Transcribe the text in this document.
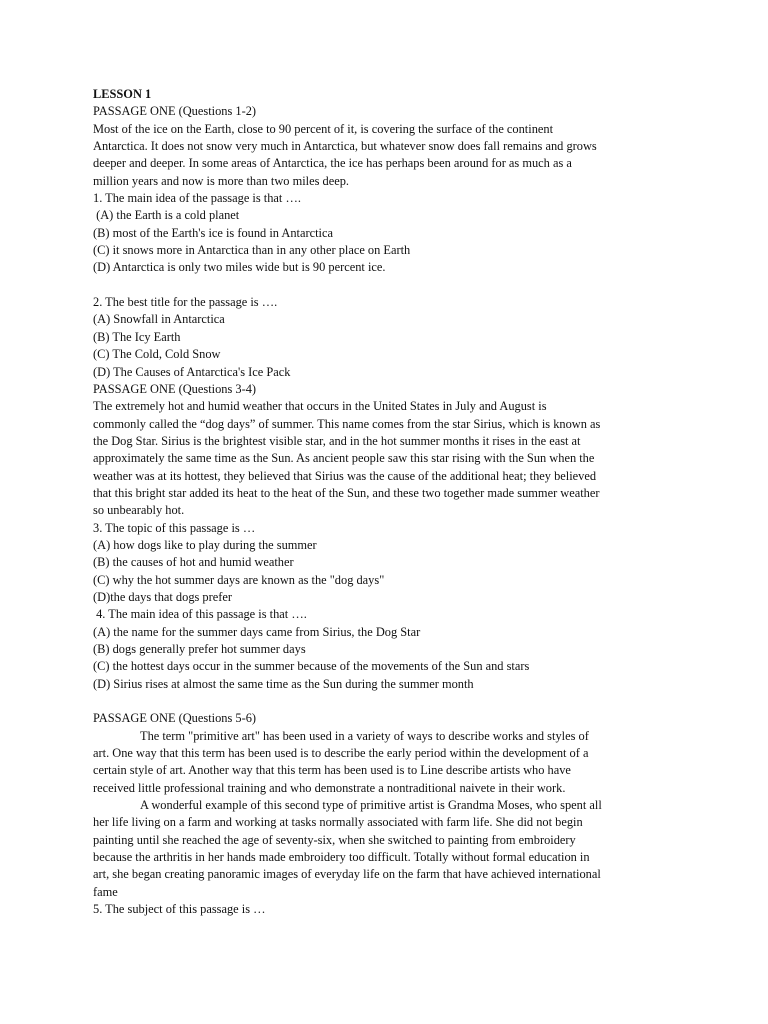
LESSON 1
PASSAGE ONE (Questions 1-2)
Most of the ice on the Earth, close to 90 percent of it, is covering the surface of the continent
Antarctica. It does not snow very much in Antarctica, but whatever snow does fall remains and grows
deeper and deeper. In some areas of Antarctica, the ice has perhaps been around for as much as a
million years and now is more than two miles deep.
1. The main idea of the passage is that ….
(A) the Earth is a cold planet
(B) most of the Earth's ice is found in Antarctica
(C) it snows more in Antarctica than in any other place on Earth
(D) Antarctica is only two miles wide but is 90 percent ice.
2. The best title for the passage is ….
(A) Snowfall in Antarctica
(B) The Icy Earth
(C) The Cold, Cold Snow
(D) The Causes of Antarctica's Ice Pack
PASSAGE ONE (Questions 3-4)
The extremely hot and humid weather that occurs in the United States in July and August is
commonly called the “dog days” of summer. This name comes from the star Sirius, which is known as
the Dog Star. Sirius is the brightest visible star, and in the hot summer months it rises in the east at
approximately the same time as the Sun. As ancient people saw this star rising with the Sun when the
weather was at its hottest, they believed that Sirius was the cause of the additional heat; they believed
that this bright star added its heat to the heat of the Sun, and these two together made summer weather
so unbearably hot.
3. The topic of this passage is …
(A) how dogs like to play during the summer
(B) the causes of hot and humid weather
(C) why the hot summer days are known as the "dog days"
(D)the days that dogs prefer
4. The main idea of this passage is that ….
(A) the name for the summer days came from Sirius, the Dog Star
(B) dogs generally prefer hot summer days
(C) the hottest days occur in the summer because of the movements of the Sun and stars
(D) Sirius rises at almost the same time as the Sun during the summer month
PASSAGE ONE (Questions 5-6)
The term "primitive art" has been used in a variety of ways to describe works and styles of
art. One way that this term has been used is to describe the early period within the development of a
certain style of art. Another way that this term has been used is to Line describe artists who have
received little professional training and who demonstrate a nontraditional naivete in their work.
A wonderful example of this second type of primitive artist is Grandma Moses, who spent all
her life living on a farm and working at tasks normally associated with farm life. She did not begin
painting until she reached the age of seventy-six, when she switched to painting from embroidery
because the arthritis in her hands made embroidery too difficult. Totally without formal education in
art, she began creating panoramic images of everyday life on the farm that have achieved international
fame
5. The subject of this passage is …
